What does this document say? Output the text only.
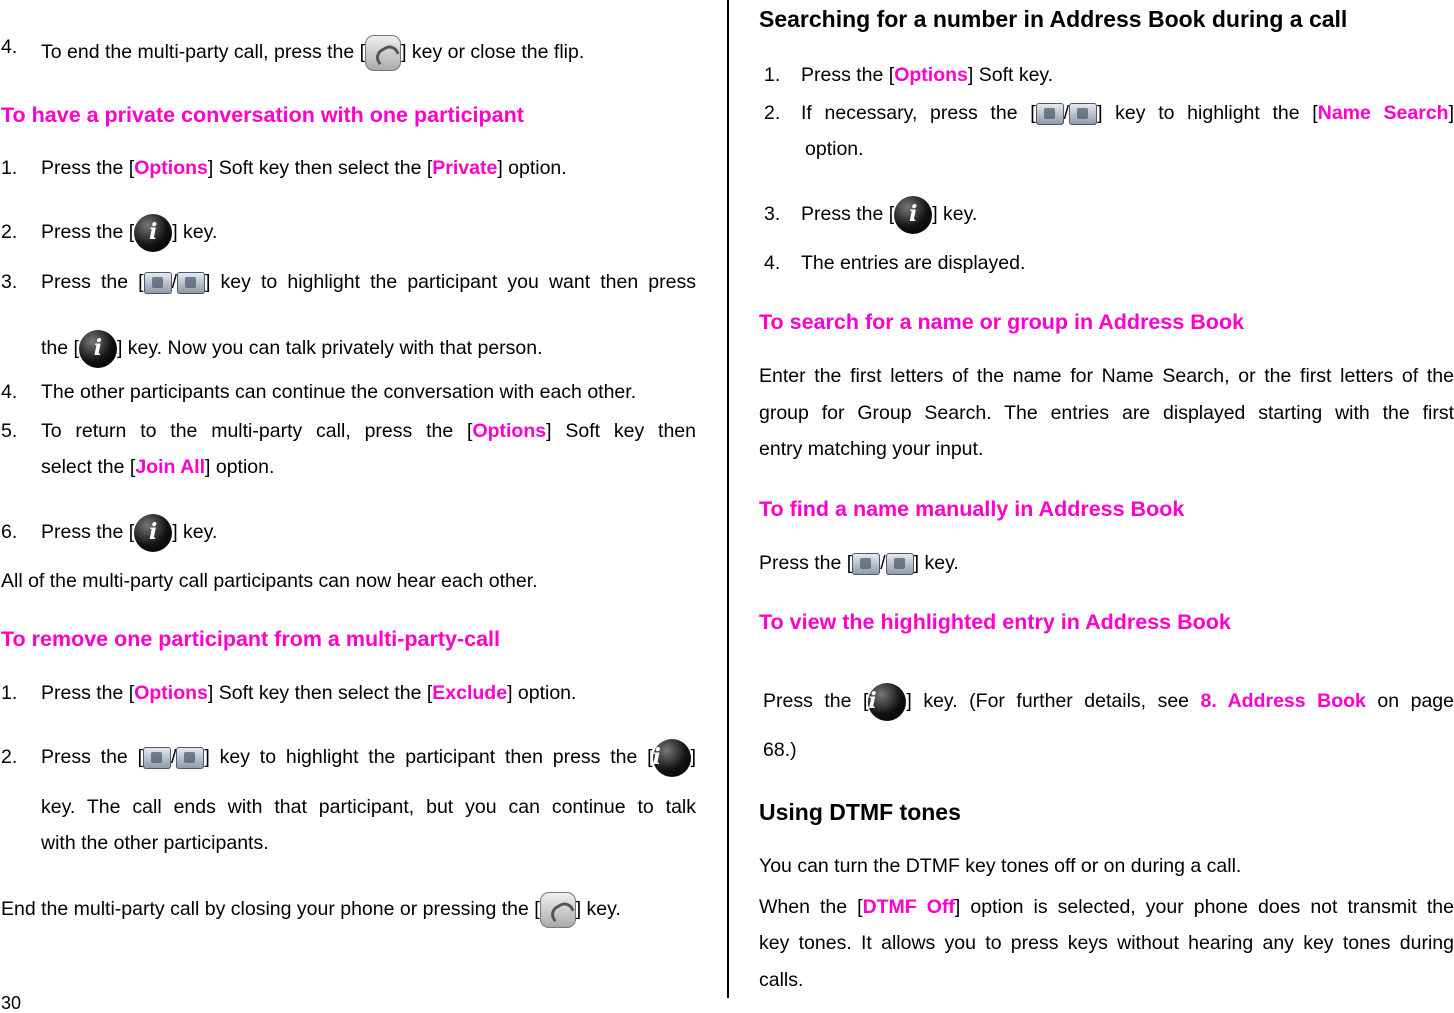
4. To end the multi-party call, press the [ ] key or close the flip.
To have a private conversation with one participant
1. Press the [Options] Soft key then select the [Private] option.
2. Press the [ i ] key.
3. Press the [ / ] key to highlight the participant you want then press
the [ i ] key. Now you can talk privately with that person.
4. The other participants can continue the conversation with each other.
5. To return to the multi-party call, press the [Options] Soft key then
select the [Join All] option.
6. Press the [ i ] key.
All of the multi-party call participants can now hear each other.
To remove one participant from a multi-party-call
1. Press the [Options] Soft key then select the [Exclude] option.
2. Press the [ / ] key to highlight the participant then press the [ i ]
key. The call ends with that participant, but you can continue to talk
with the other participants.
End the multi-party call by closing your phone or pressing the [ ] key.
30
Searching for a number in Address Book during a call
1. Press the [Options] Soft key.
2. If necessary, press the [ / ] key to highlight the [Name Search]
option.
3. Press the [ i ] key.
4. The entries are displayed.
To search for a name or group in Address Book
Enter the first letters of the name for Name Search, or the first letters of the
group for Group Search. The entries are displayed starting with the first
entry matching your input.
To find a name manually in Address Book
Press the [ / ] key.
To view the highlighted entry in Address Book
Press the [ i ] key. (For further details, see 8. Address Book on page
68.)
Using DTMF tones
You can turn the DTMF key tones off or on during a call.
When the [DTMF Off] option is selected, your phone does not transmit the
key tones. It allows you to press keys without hearing any key tones during
calls.
